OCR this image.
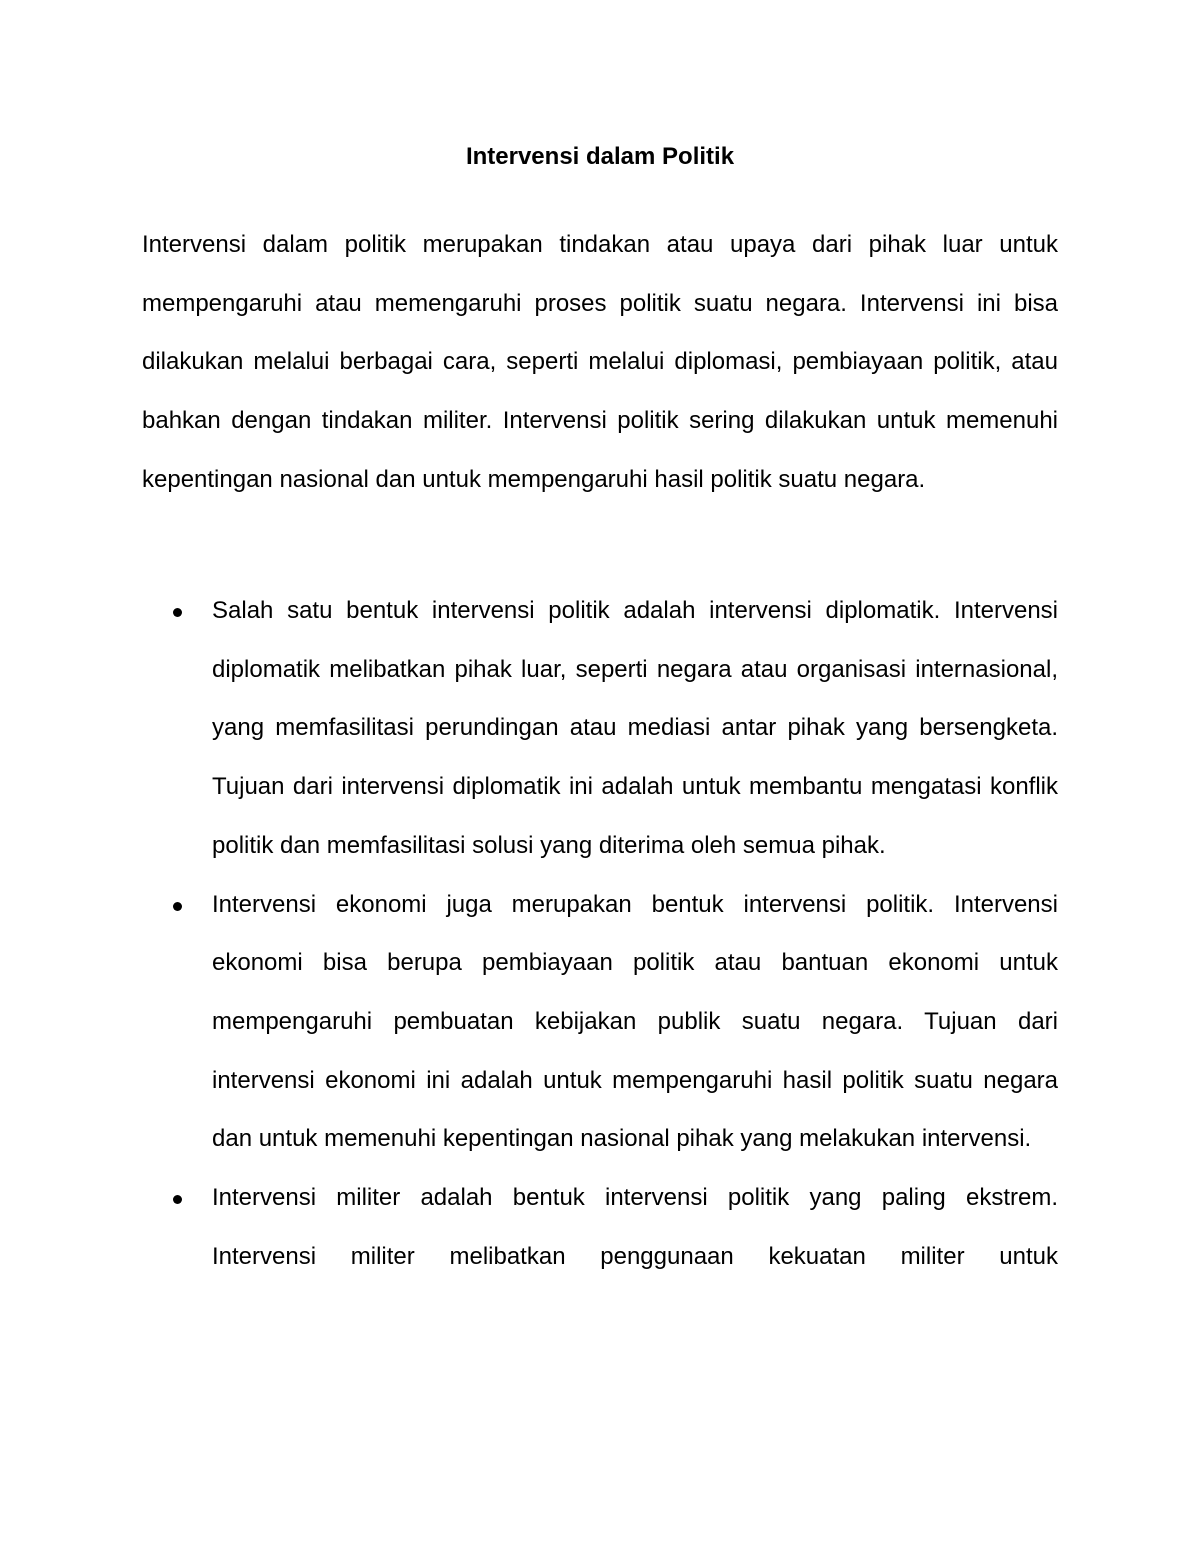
Intervensi dalam Politik

Intervensi dalam politik merupakan tindakan atau upaya dari pihak luar untuk mempengaruhi atau memengaruhi proses politik suatu negara. Intervensi ini bisa dilakukan melalui berbagai cara, seperti melalui diplomasi, pembiayaan politik, atau bahkan dengan tindakan militer. Intervensi politik sering dilakukan untuk memenuhi kepentingan nasional dan untuk mempengaruhi hasil politik suatu negara.

Salah satu bentuk intervensi politik adalah intervensi diplomatik. Intervensi diplomatik melibatkan pihak luar, seperti negara atau organisasi internasional, yang memfasilitasi perundingan atau mediasi antar pihak yang bersengketa. Tujuan dari intervensi diplomatik ini adalah untuk membantu mengatasi konflik politik dan memfasilitasi solusi yang diterima oleh semua pihak.
Intervensi ekonomi juga merupakan bentuk intervensi politik. Intervensi ekonomi bisa berupa pembiayaan politik atau bantuan ekonomi untuk mempengaruhi pembuatan kebijakan publik suatu negara. Tujuan dari intervensi ekonomi ini adalah untuk mempengaruhi hasil politik suatu negara dan untuk memenuhi kepentingan nasional pihak yang melakukan intervensi.
Intervensi militer adalah bentuk intervensi politik yang paling ekstrem. Intervensi militer melibatkan penggunaan kekuatan militer untuk
